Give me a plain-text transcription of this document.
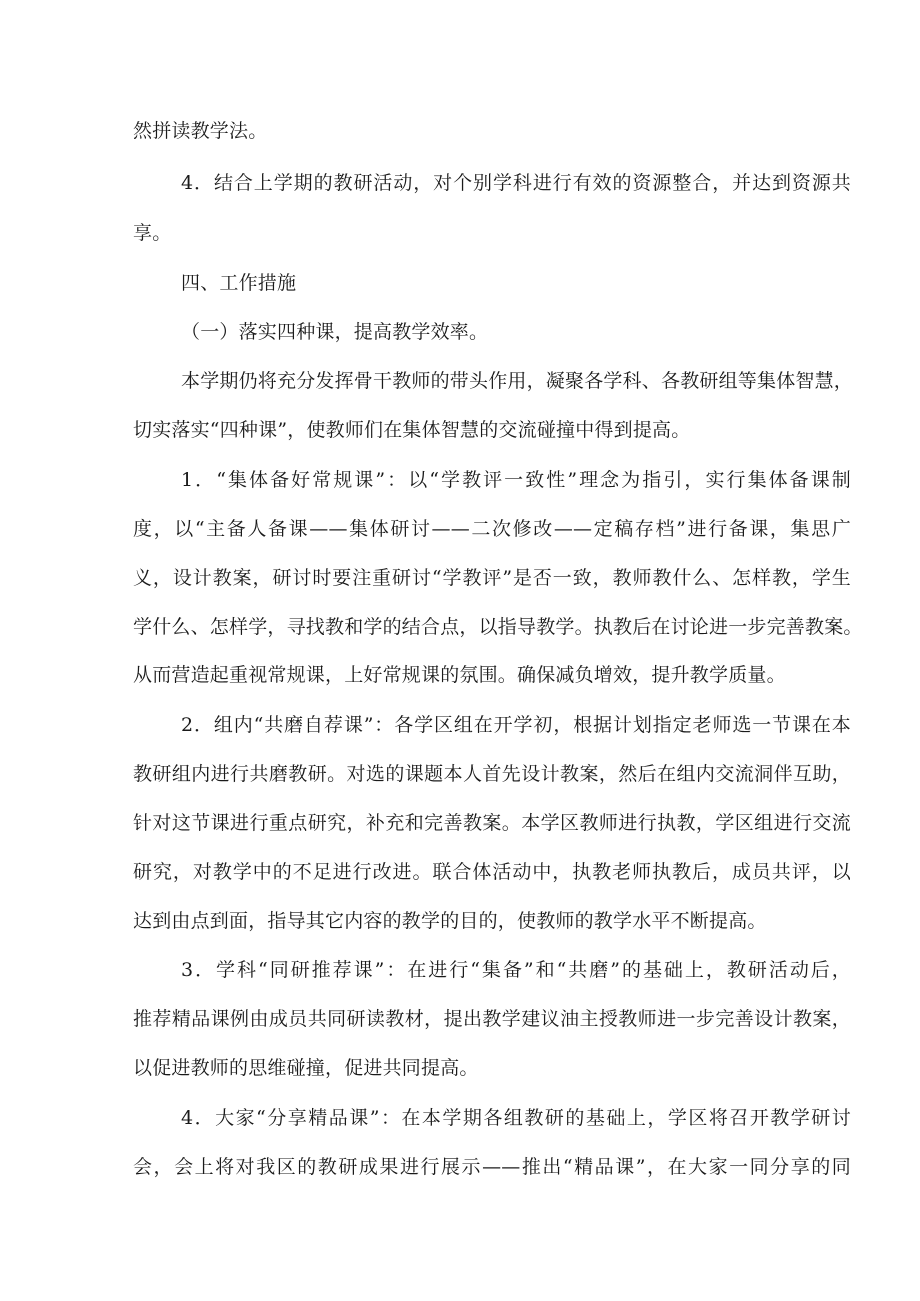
然拼读教学法。
4．结合上学期的教研活动，对个别学科进行有效的资源整合，并达到资源共
享。
四、工作措施
（一）落实四种课，提高教学效率。
本学期仍将充分发挥骨干教师的带头作用，凝聚各学科、各教研组等集体智慧，
切实落实“四种课”，使教师们在集体智慧的交流碰撞中得到提高。
1．“集体备好常规课”：以“学教评一致性”理念为指引，实行集体备课制
度，以“主备人备课——集体研讨——二次修改——定稿存档”进行备课，集思广
义，设计教案，研讨时要注重研讨“学教评”是否一致，教师教什么、怎样教，学生
学什么、怎样学，寻找教和学的结合点，以指导教学。执教后在讨论进一步完善教案。
从而营造起重视常规课，上好常规课的氛围。确保减负增效，提升教学质量。
2．组内“共磨自荐课”：各学区组在开学初，根据计划指定老师选一节课在本
教研组内进行共磨教研。对选的课题本人首先设计教案，然后在组内交流洞伴互助，
针对这节课进行重点研究，补充和完善教案。本学区教师进行执教，学区组进行交流
研究，对教学中的不足进行改进。联合体活动中，执教老师执教后，成员共评，以
达到由点到面，指导其它内容的教学的目的，使教师的教学水平不断提高。
3．学科“同研推荐课”：在进行“集备”和“共磨”的基础上，教研活动后，
推荐精品课例由成员共同研读教材，提出教学建议油主授教师进一步完善设计教案，
以促进教师的思维碰撞，促进共同提高。
4．大家“分享精品课”：在本学期各组教研的基础上，学区将召开教学研讨
会，会上将对我区的教研成果进行展示——推出“精品课”，在大家一同分享的同
